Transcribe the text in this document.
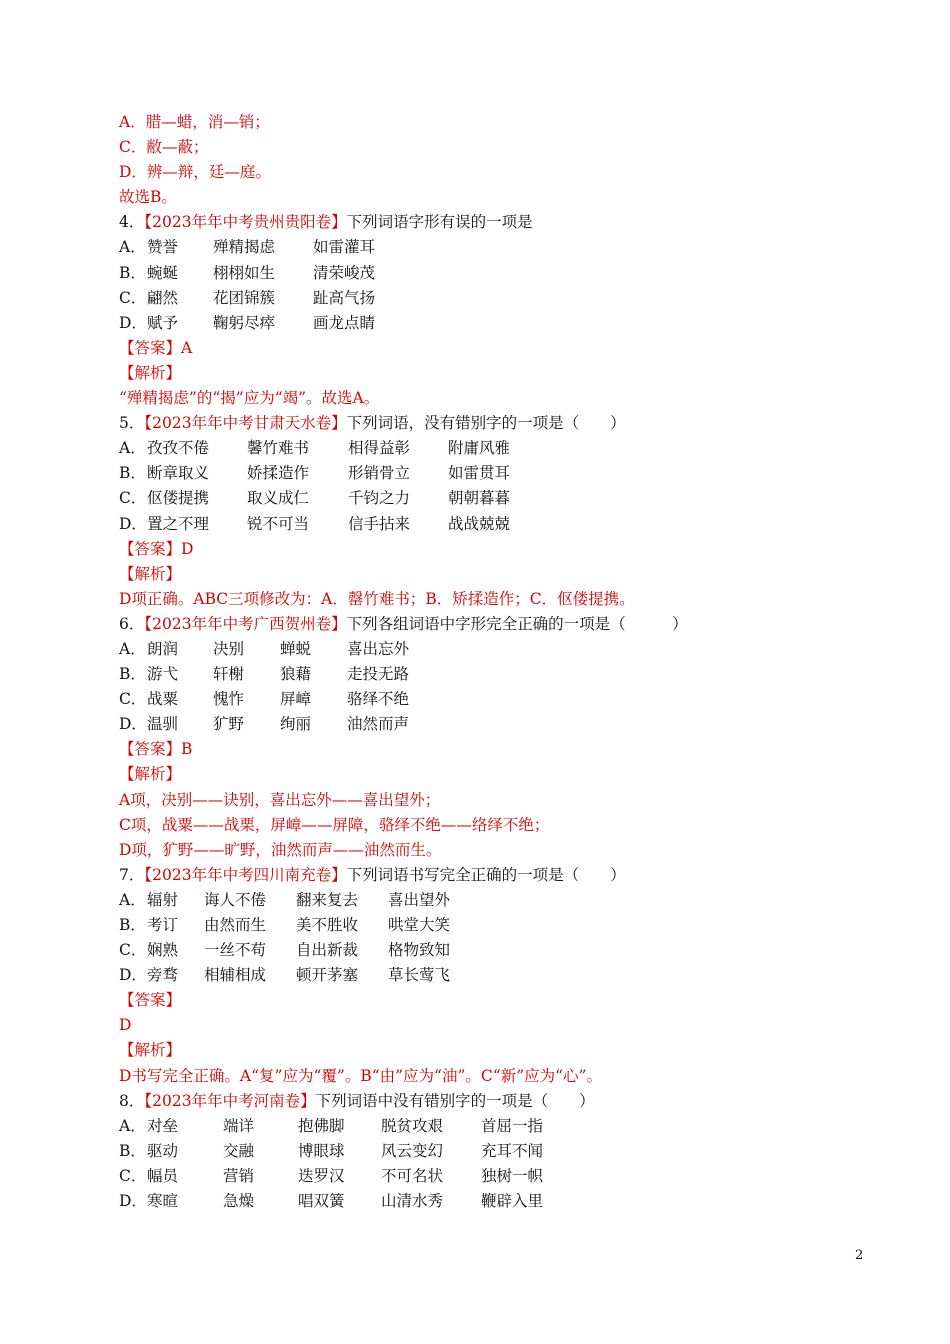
A．腊—蜡，消—销；
C．敝—蔽；
D．辨—辩，廷—庭。
故选B。
4．【2023年年中考贵州贵阳卷】下列词语字形有误的一项是
A．赞誉 殚精揭虑 如雷灌耳
B．蜿蜒 栩栩如生 清荣峻茂
C．翩然 花团锦簇 趾高气扬
D．赋予 鞠躬尽瘁 画龙点睛
【答案】A
【解析】
“殚精揭虑”的“揭”应为“竭”。故选A。
5．【2023年年中考甘肃天水卷】下列词语，没有错别字的一项是（　　）
A．孜孜不倦 馨竹难书	相得益彰 附庸风雅
B．断章取义 娇揉造作	形销骨立 如雷贯耳
C．伛偻提携 取义成仁	千钧之力 朝朝暮暮
D．置之不理 锐不可当	信手拈来 战战兢兢
【答案】D
【解析】
D项正确。ABC三项修改为：A．罄竹难书；B．矫揉造作；C．伛偻提携。
6．【2023年年中考广西贺州卷】下列各组词语中字形完全正确的一项是（　　　）
A．朗润 决别 蝉蜕 喜出忘外
B．游弋 轩榭 狼藉 走投无路
C．战粟 愧怍 屏嶂 骆绎不绝
D．温驯 犷野 绚丽 油然而声
【答案】B
【解析】
A项，决别——诀别，喜出忘外——喜出望外；
C项，战粟——战栗，屏嶂——屏障，骆绎不绝——络绎不绝；
D项，犷野——旷野，油然而声——油然而生。
7．【2023年年中考四川南充卷】下列词语书写完全正确的一项是（　　）
A．辐射 诲人不倦 翻来复去 喜出望外
B．考订 由然而生 美不胜收 哄堂大笑
C．娴熟 一丝不苟 自出新裁 格物致知
D．旁骛 相辅相成 顿开茅塞 草长莺飞
【答案】
D
【解析】
D书写完全正确。A“复”应为“覆”。B“由”应为“油”。C“新”应为“心”。
8．【2023年年中考河南卷】下列词语中没有错别字的一项是（　　）
A．对垒	端详	抱佛脚 脱贫攻艰 首屈一指
B．驱动	交融	博眼球 风云变幻 充耳不闻
C．幅员	营销	迭罗汉 不可名状 独树一帜
D．寒暄	急燥	唱双簧 山清水秀 鞭辟入里
2
